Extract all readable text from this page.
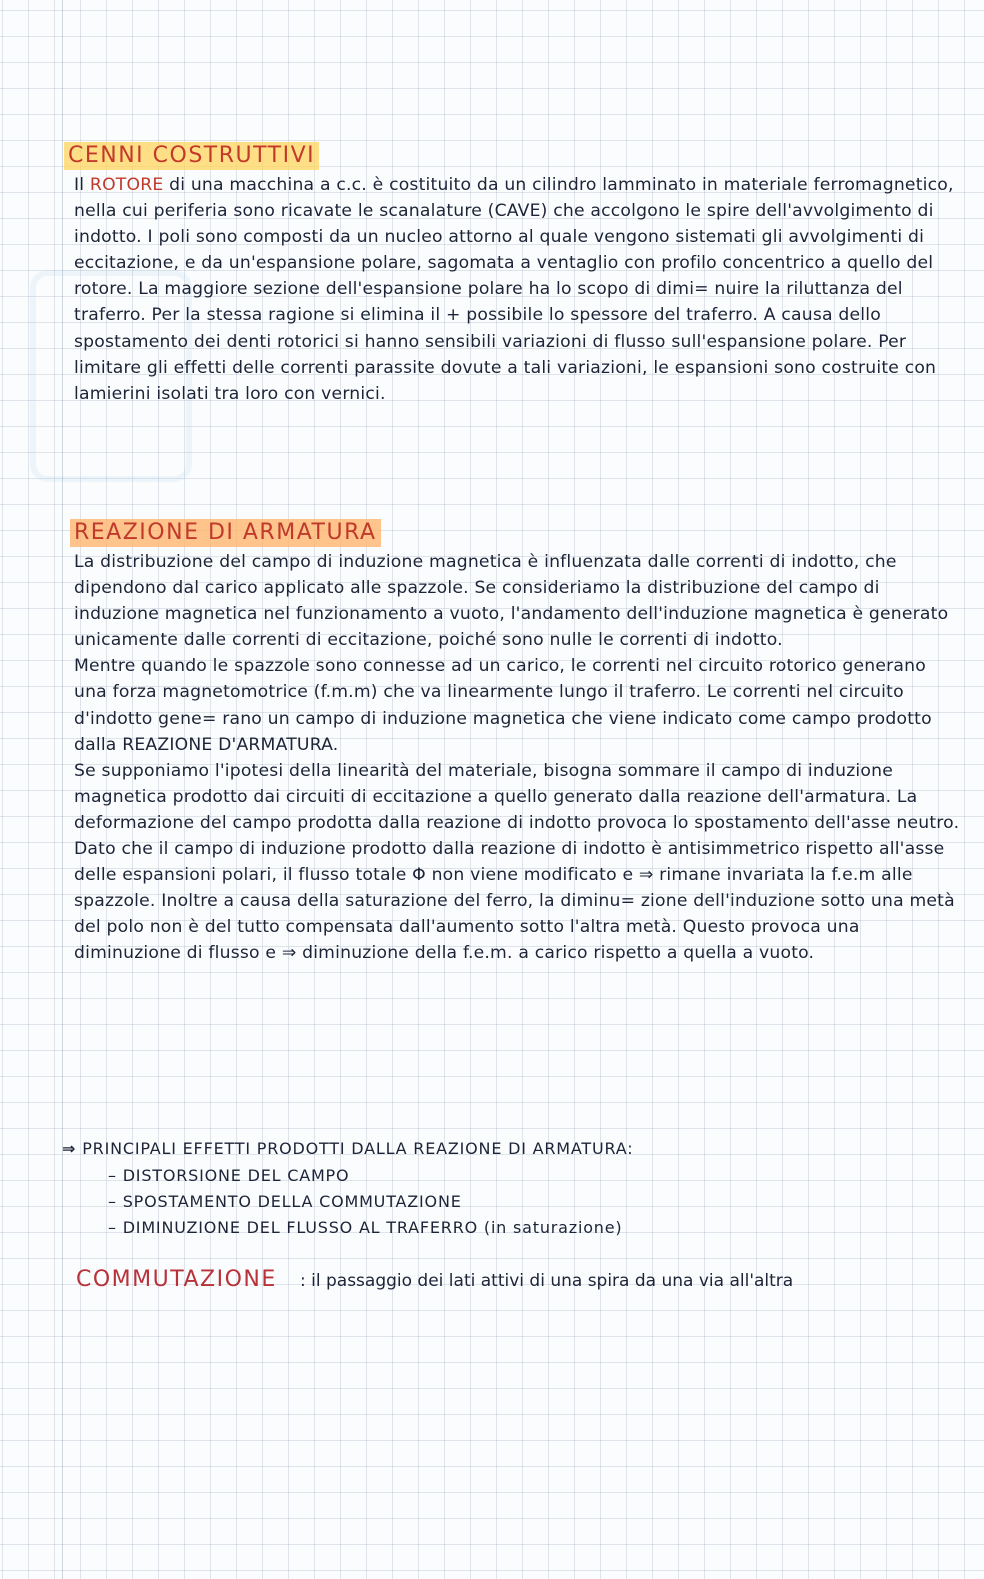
CENNI COSTRUTTIVI
Il ROTORE di una macchina a c.c. è costituito da un cilindro lamminato in materiale ferromagnetico, nella cui periferia sono ricavate le scanalature (CAVE) che accolgono le spire dell'avvolgimento di indotto. I poli sono composti da un nucleo attorno al quale vengono sistemati gli avvolgimenti di eccitazione, e da un'espansione polare, sagomata a ventaglio con profilo concentrico a quello del rotore. La maggiore sezione dell'espansione polare ha lo scopo di dimi= nuire la riluttanza del traferro. Per la stessa ragione si elimina il + possibile lo spessore del traferro. A causa dello spostamento dei denti rotorici si hanno sensibili variazioni di flusso sull'espansione polare. Per limitare gli effetti delle correnti parassite dovute a tali variazioni, le espansioni sono costruite con lamierini isolati tra loro con vernici.
REAZIONE DI ARMATURA
La distribuzione del campo di induzione magnetica è influenzata dalle correnti di indotto, che dipendono dal carico applicato alle spazzole. Se consideriamo la distribuzione del campo di induzione magnetica nel funzionamento a vuoto, l'andamento dell'induzione magnetica è generato unicamente dalle correnti di eccitazione, poiché sono nulle le correnti di indotto.
Mentre quando le spazzole sono connesse ad un carico, le correnti nel circuito rotorico generano una forza magnetomotrice (f.m.m) che va linearmente lungo il traferro. Le correnti nel circuito d'indotto gene= rano un campo di induzione magnetica che viene indicato come campo prodotto dalla REAZIONE D'ARMATURA.
Se supponiamo l'ipotesi della linearità del materiale, bisogna sommare il campo di induzione magnetica prodotto dai circuiti di eccitazione a quello generato dalla reazione dell'armatura. La deformazione del campo prodotta dalla reazione di indotto provoca lo spostamento dell'asse neutro. Dato che il campo di induzione prodotto dalla reazione di indotto è antisimmetrico rispetto all'asse delle espansioni polari, il flusso totale Φ non viene modificato e ⇒ rimane invariata la f.e.m alle spazzole. Inoltre a causa della saturazione del ferro, la diminu= zione dell'induzione sotto una metà del polo non è del tutto compensata dall'aumento sotto l'altra metà. Questo provoca una diminuzione di flusso e ⇒ diminuzione della f.e.m. a carico rispetto a quella a vuoto.
⇒ PRINCIPALI EFFETTI PRODOTTI DALLA REAZIONE DI ARMATURA:
– DISTORSIONE DEL CAMPO
– SPOSTAMENTO DELLA COMMUTAZIONE
– DIMINUZIONE DEL FLUSSO AL TRAFERRO (in saturazione)
COMMUTAZIONE : il passaggio dei lati attivi di una spira da una via all'altra
